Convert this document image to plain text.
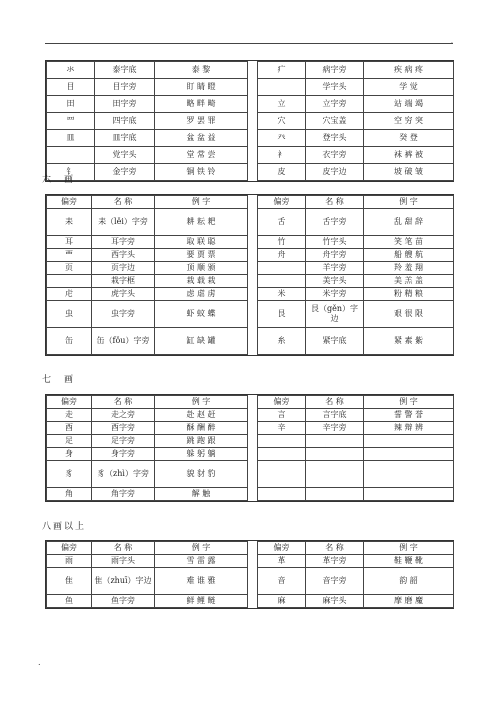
.
氺	泰字底	泰 黎		疒	病字旁	疾 病 疼
目	目字旁	盯 睛 瞪			学字头	学 觉
田	田字旁	略 畔 畸		立	立字旁	站 端 竭
罒	四字底	罗 罢 罪		穴	穴宝盖	空 穷 突
皿	皿字底	盆 盆 益		癶	登字头	癸 登
	党字头	堂 常 尝		衤	衣字旁	袜 裤 被
钅	金字旁	铜 铁 铃		皮	皮字边	坡 破 皱
六　画
偏旁	名 称	例 字		偏旁	名 称	例 字
耒	耒（lěi）字旁	耕 耘 耙		舌	舌字旁	乱 甜 辞
耳	耳字旁	取 联 聪		竹	竹字头	笑 笔 苗
覀	西字头	要 贾 票		舟	舟字旁	船 艘 航
页	页字边	顶 顺 颁			羊字旁	羚 羞 翔
	栽字框	栽 载 栽			美字头	美 羔 盖
虍	虎字头	虑 虐 虏		米	米字旁	粉 精 粮
虫	虫字旁	虾 蚊 蝶		艮	艮（gěn）字边	艰 很 限
缶	缶（fǒu）字旁	缸 缺 罐		糸	紧字底	紧 素 紫
七　画
偏旁	名 称	例 字		偏旁	名 称	例 字
走	走之旁	赴 赵 赶		言	言字底	誓 警 誉
酉	酉字旁	酥 酬 醉		辛	辛字旁	辣 辩 辨
足	足字旁	跳 跑 跟				
身	身字旁	躲 躬 躺				
豸	豸（zhì）字旁	貌 豺 豹				
角	角字旁	解 触				
八画以上
偏旁	名 称	例 字		偏旁	名 称	例 字
雨	雨字头	雪 雷 露		革	革字旁	鞋 鞭 靴
隹	隹（zhuī）字边	难 谁 雅		音	音字旁	韵 韶
鱼	鱼字旁	鲜 鲤 鲢		麻	麻字头	摩 磨 魔
.
